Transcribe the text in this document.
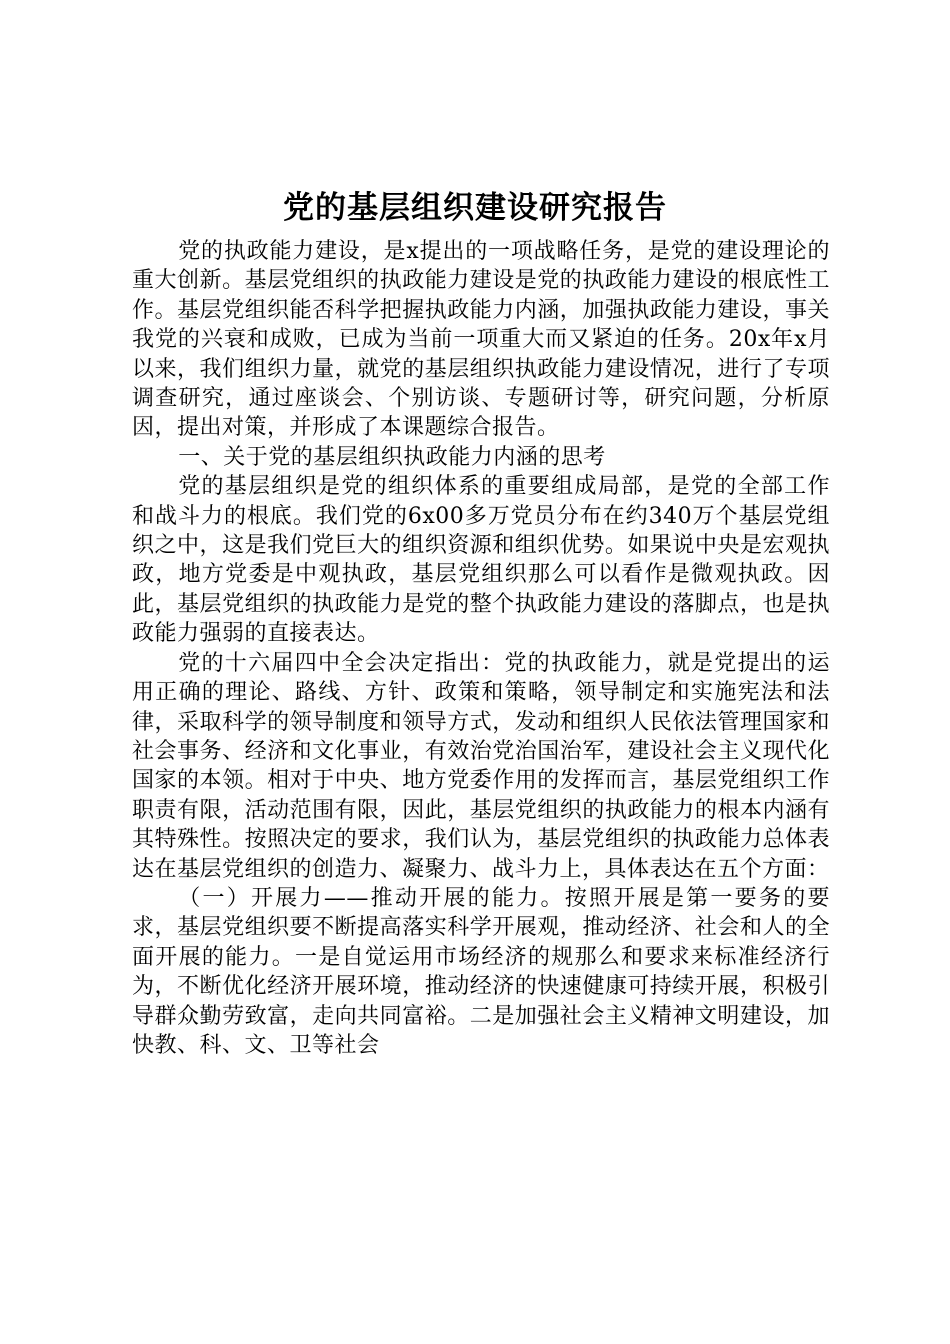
党的基层组织建设研究报告

党的执政能力建设，是x提出的一项战略任务，是党的建设理论的重大创新。基层党组织的执政能力建设是党的执政能力建设的根底性工作。基层党组织能否科学把握执政能力内涵，加强执政能力建设，事关我党的兴衰和成败，已成为当前一项重大而又紧迫的任务。20x年x月以来，我们组织力量，就党的基层组织执政能力建设情况，进行了专项调查研究，通过座谈会、个别访谈、专题研讨等，研究问题，分析原因，提出对策，并形成了本课题综合报告。

一、关于党的基层组织执政能力内涵的思考

党的基层组织是党的组织体系的重要组成局部，是党的全部工作和战斗力的根底。我们党的6x00多万党员分布在约340万个基层党组织之中，这是我们党巨大的组织资源和组织优势。如果说中央是宏观执政，地方党委是中观执政，基层党组织那么可以看作是微观执政。因此，基层党组织的执政能力是党的整个执政能力建设的落脚点，也是执政能力强弱的直接表达。

党的十六届四中全会决定指出：党的执政能力，就是党提出的运用正确的理论、路线、方针、政策和策略，领导制定和实施宪法和法律，采取科学的领导制度和领导方式，发动和组织人民依法管理国家和社会事务、经济和文化事业，有效治党治国治军，建设社会主义现代化国家的本领。相对于中央、地方党委作用的发挥而言，基层党组织工作职责有限，活动范围有限，因此，基层党组织的执政能力的根本内涵有其特殊性。按照决定的要求，我们认为，基层党组织的执政能力总体表达在基层党组织的创造力、凝聚力、战斗力上，具体表达在五个方面：

（一）开展力——推动开展的能力。按照开展是第一要务的要求，基层党组织要不断提高落实科学开展观，推动经济、社会和人的全面开展的能力。一是自觉运用市场经济的规那么和要求来标准经济行为，不断优化经济开展环境，推动经济的快速健康可持续开展，积极引导群众勤劳致富，走向共同富裕。二是加强社会主义精神文明建设，加快教、科、文、卫等社会
